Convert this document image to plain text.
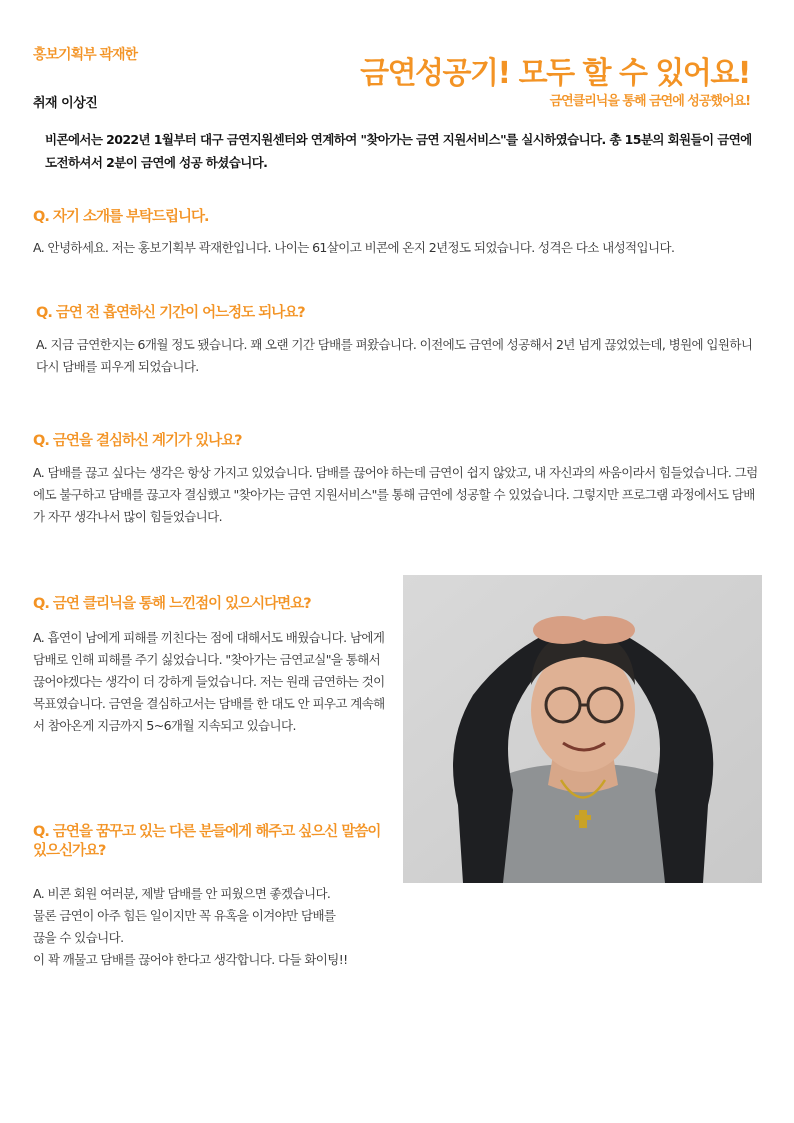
홍보기획부 곽재한
취재 이상진
금연성공기! 모두 할 수 있어요!
금연클리닉을 통해 금연에 성공했어요!
비콘에서는 2022년 1월부터 대구 금연지원센터와 연계하여 "찾아가는 금연 지원서비스"를 실시하였습니다. 총 15분의 회원들이 금연에 도전하셔서 2분이 금연에 성공 하셨습니다.
Q. 자기 소개를 부탁드립니다.
A. 안녕하세요. 저는 홍보기획부 곽재한입니다. 나이는 61살이고 비콘에 온지 2년정도 되었습니다. 성격은 다소 내성적입니다.
Q. 금연 전 흡연하신 기간이 어느정도 되나요?
A. 지금 금연한지는 6개월 정도 됐습니다. 꽤 오랜 기간 담배를 펴왔습니다. 이전에도 금연에 성공해서 2년 넘게 끊었었는데, 병원에 입원하니 다시 담배를 피우게 되었습니다.
Q. 금연을 결심하신 계기가 있나요?
A. 담배를 끊고 싶다는 생각은 항상 가지고 있었습니다. 담배를 끊어야 하는데 금연이 쉽지 않았고, 내 자신과의 싸움이라서 힘들었습니다. 그럼에도 불구하고 담배를 끊고자 결심했고 "찾아가는 금연 지원서비스"를 통해 금연에 성공할 수 있었습니다. 그렇지만 프로그램 과정에서도 담배가 자꾸 생각나서 많이 힘들었습니다.
Q. 금연 클리닉을 통해 느낀점이 있으시다면요?
A. 흡연이 남에게 피해를 끼친다는 점에 대해서도 배웠습니다. 남에게 담배로 인해 피해를 주기 싫었습니다. "찾아가는 금연교실"을 통해서 끊어야겠다는 생각이 더 강하게 들었습니다. 저는 원래 금연하는 것이 목표였습니다. 금연을 결심하고서는 담배를 한 대도 안 피우고 계속해서 참아온게 지금까지 5~6개월 지속되고 있습니다.
Q. 금연을 꿈꾸고 있는 다른 분들에게 해주고 싶으신 말씀이 있으신가요?
A. 비콘 회원 여러분, 제발 담배를 안 피웠으면 좋겠습니다.
물론 금연이 아주 힘든 일이지만 꼭 유혹을 이겨야만 담배를
끊을 수 있습니다.
이 꽉 깨물고 담배를 끊어야 한다고 생각합니다. 다들 화이팅!!
